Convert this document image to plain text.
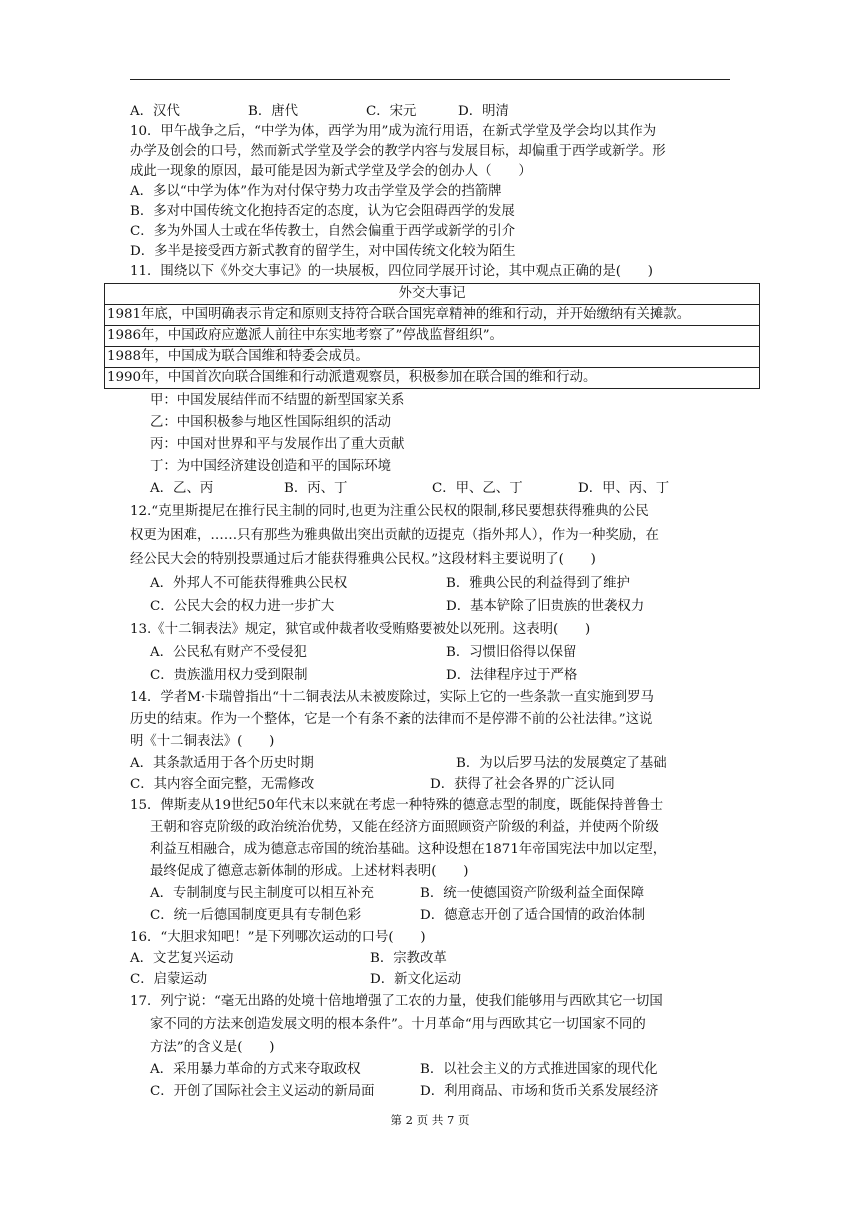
A．汉代	B．唐代	C．宋元	D．明清
10．甲午战争之后，“中学为体，西学为用”成为流行用语，在新式学堂及学会均以其作为
办学及创会的口号，然而新式学堂及学会的教学内容与发展目标，却偏重于西学或新学。形
成此一现象的原因，最可能是因为新式学堂及学会的创办人（　　）
A．多以“中学为体”作为对付保守势力攻击学堂及学会的挡箭牌
B．多对中国传统文化抱持否定的态度，认为它会阻碍西学的发展
C．多为外国人士或在华传教士，自然会偏重于西学或新学的引介
D．多半是接受西方新式教育的留学生，对中国传统文化较为陌生
11．围绕以下《外交大事记》的一块展板，四位同学展开讨论，其中观点正确的是(　　)
外交大事记
1981年底，中国明确表示肯定和原则支持符合联合国宪章精神的维和行动，并开始缴纳有关摊款。
1986年，中国政府应邀派人前往中东实地考察了”停战监督组织”。
1988年，中国成为联合国维和特委会成员。
1990年，中国首次向联合国维和行动派遣观察员，积极参加在联合国的维和行动。
甲：中国发展结伴而不结盟的新型国家关系
乙：中国积极参与地区性国际组织的活动
丙：中国对世界和平与发展作出了重大贡献
丁：为中国经济建设创造和平的国际环境
A．乙、丙	B．丙、丁	C．甲、乙、丁	D．甲、丙、丁
12.“克里斯提尼在推行民主制的同时,也更为注重公民权的限制,移民要想获得雅典的公民
权更为困难，……只有那些为雅典做出突出贡献的迈提克（指外邦人），作为一种奖励，在
经公民大会的特别投票通过后才能获得雅典公民权。”这段材料主要说明了(　　)
A．外邦人不可能获得雅典公民权	B．雅典公民的利益得到了维护
C．公民大会的权力进一步扩大	D．基本铲除了旧贵族的世袭权力
13.《十二铜表法》规定，狱官或仲裁者收受贿赂要被处以死刑。这表明(　　)
A．公民私有财产不受侵犯	B．习惯旧俗得以保留
C．贵族滥用权力受到限制	D．法律程序过于严格
14．学者M·卡瑞曾指出“十二铜表法从未被废除过，实际上它的一些条款一直实施到罗马
历史的结束。作为一个整体，它是一个有条不紊的法律而不是停滞不前的公社法律。”这说
明《十二铜表法》(　　)
A．其条款适用于各个历史时期	B．为以后罗马法的发展奠定了基础
C．其内容全面完整，无需修改	D．获得了社会各界的广泛认同
15．俾斯麦从19世纪50年代末以来就在考虑一种特殊的德意志型的制度，既能保持普鲁士
王朝和容克阶级的政治统治优势，又能在经济方面照顾资产阶级的利益，并使两个阶级
利益互相融合，成为德意志帝国的统治基础。这种设想在1871年帝国宪法中加以定型，
最终促成了德意志新体制的形成。上述材料表明(　　)
A．专制制度与民主制度可以相互补充	B．统一使德国资产阶级利益全面保障
C．统一后德国制度更具有专制色彩	D．德意志开创了适合国情的政治体制
16．“大胆求知吧！”是下列哪次运动的口号(　　)
A．文艺复兴运动	B．宗教改革
C．启蒙运动	D．新文化运动
17．列宁说：“毫无出路的处境十倍地增强了工农的力量，使我们能够用与西欧其它一切国
家不同的方法来创造发展文明的根本条件”。十月革命“用与西欧其它一切国家不同的
方法”的含义是(　　)
A．采用暴力革命的方式来夺取政权	B．以社会主义的方式推进国家的现代化
C．开创了国际社会主义运动的新局面	D．利用商品、市场和货币关系发展经济
第 2 页 共 7 页
